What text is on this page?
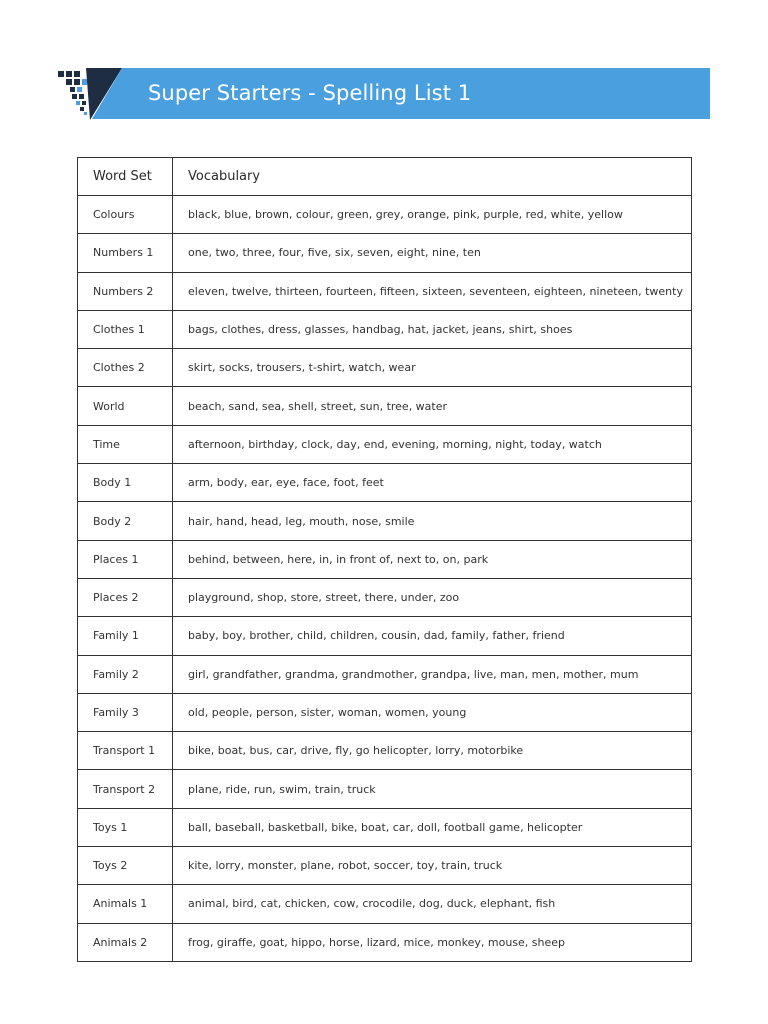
Super Starters - Spelling List 1
Word Set	Vocabulary
Colours	black, blue, brown, colour, green, grey, orange, pink, purple, red, white, yellow
Numbers 1	one, two, three, four, five, six, seven, eight, nine, ten
Numbers 2	eleven, twelve, thirteen, fourteen, fifteen, sixteen, seventeen, eighteen, nineteen, twenty
Clothes 1	bags, clothes, dress, glasses, handbag, hat, jacket, jeans, shirt, shoes
Clothes 2	skirt, socks, trousers, t-shirt, watch, wear
World	beach, sand, sea, shell, street, sun, tree, water
Time	afternoon, birthday, clock, day, end, evening, morning, night, today, watch
Body 1	arm, body, ear, eye, face, foot, feet
Body 2	hair, hand, head, leg, mouth, nose, smile
Places 1	behind, between, here, in, in front of, next to, on, park
Places 2	playground, shop, store, street, there, under, zoo
Family 1	baby, boy, brother, child, children, cousin, dad, family, father, friend
Family 2	girl, grandfather, grandma, grandmother, grandpa, live, man, men, mother, mum
Family 3	old, people, person, sister, woman, women, young
Transport 1	bike, boat, bus, car, drive, fly, go helicopter, lorry, motorbike
Transport 2	plane, ride, run, swim, train, truck
Toys 1	ball, baseball, basketball, bike, boat, car, doll, football game, helicopter
Toys 2	kite, lorry, monster, plane, robot, soccer, toy, train, truck
Animals 1	animal, bird, cat, chicken, cow, crocodile, dog, duck, elephant, fish
Animals 2	frog, giraffe, goat, hippo, horse, lizard, mice, monkey, mouse, sheep
